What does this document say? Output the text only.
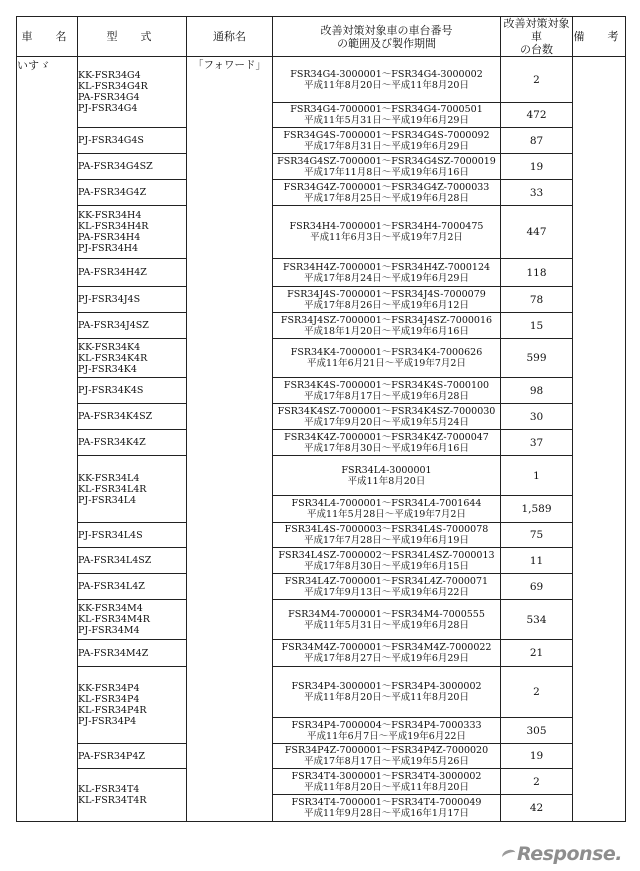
車　名	型　式	通称名	改善対策対象車の車台番号
の範囲及び製作期間	改善対策対象車
の台数	備　考
いすゞ	KK-FSR34G4
KL-FSR34G4R
PA-FSR34G4
PJ-FSR34G4	「フォワード」	FSR34G4-3000001～FSR34G4-3000002
平成11年8月20日～平成11年8月20日	2	
			FSR34G4-7000001～FSR34G4-7000501
平成11年5月31日～平成19年6月29日	472	
	PJ-FSR34G4S		FSR34G4S-7000001～FSR34G4S-7000092
平成17年8月31日～平成19年6月29日	87	
	PA-FSR34G4SZ		FSR34G4SZ-7000001～FSR34G4SZ-7000019
平成17年11月8日～平成19年6月16日	19	
	PA-FSR34G4Z		FSR34G4Z-7000001～FSR34G4Z-7000033
平成17年8月25日～平成19年6月28日	33	
	KK-FSR34H4
KL-FSR34H4R
PA-FSR34H4
PJ-FSR34H4		FSR34H4-7000001～FSR34H4-7000475
平成11年6月3日～平成19年7月2日	447	
	PA-FSR34H4Z		FSR34H4Z-7000001～FSR34H4Z-7000124
平成17年8月24日～平成19年6月29日	118	
	PJ-FSR34J4S		FSR34J4S-7000001～FSR34J4S-7000079
平成17年8月26日～平成19年6月12日	78	
	PA-FSR34J4SZ		FSR34J4SZ-7000001～FSR34J4SZ-7000016
平成18年1月20日～平成19年6月16日	15	
	KK-FSR34K4
KL-FSR34K4R
PJ-FSR34K4		FSR34K4-7000001～FSR34K4-7000626
平成11年6月21日～平成19年7月2日	599	
	PJ-FSR34K4S		FSR34K4S-7000001～FSR34K4S-7000100
平成17年8月17日～平成19年6月28日	98	
	PA-FSR34K4SZ		FSR34K4SZ-7000001～FSR34K4SZ-7000030
平成17年9月20日～平成19年5月24日	30	
	PA-FSR34K4Z		FSR34K4Z-7000001～FSR34K4Z-7000047
平成17年8月30日～平成19年6月16日	37	
	KK-FSR34L4
KL-FSR34L4R
PJ-FSR34L4		FSR34L4-3000001
平成11年8月20日	1	
			FSR34L4-7000001～FSR34L4-7001644
平成11年5月28日～平成19年7月2日	1,589	
	PJ-FSR34L4S		FSR34L4S-7000003～FSR34L4S-7000078
平成17年7月28日～平成19年6月19日	75	
	PA-FSR34L4SZ		FSR34L4SZ-7000002～FSR34L4SZ-7000013
平成17年8月30日～平成19年6月15日	11	
	PA-FSR34L4Z		FSR34L4Z-7000001～FSR34L4Z-7000071
平成17年9月13日～平成19年6月22日	69	
	KK-FSR34M4
KL-FSR34M4R
PJ-FSR34M4		FSR34M4-7000001～FSR34M4-7000555
平成11年5月31日～平成19年6月28日	534	
	PA-FSR34M4Z		FSR34M4Z-7000001～FSR34M4Z-7000022
平成17年8月27日～平成19年6月29日	21	
	KK-FSR34P4
KL-FSR34P4
KL-FSR34P4R
PJ-FSR34P4		FSR34P4-3000001～FSR34P4-3000002
平成11年8月20日～平成11年8月20日	2	
			FSR34P4-7000004～FSR34P4-7000333
平成11年6月7日～平成19年6月22日	305	
	PA-FSR34P4Z		FSR34P4Z-7000001～FSR34P4Z-7000020
平成17年8月17日～平成19年5月26日	19	
	KL-FSR34T4
KL-FSR34T4R		FSR34T4-3000001～FSR34T4-3000002
平成11年8月20日～平成11年8月20日	2	
			FSR34T4-7000001～FSR34T4-7000049
平成11年9月28日～平成16年1月17日	42	
Response.
